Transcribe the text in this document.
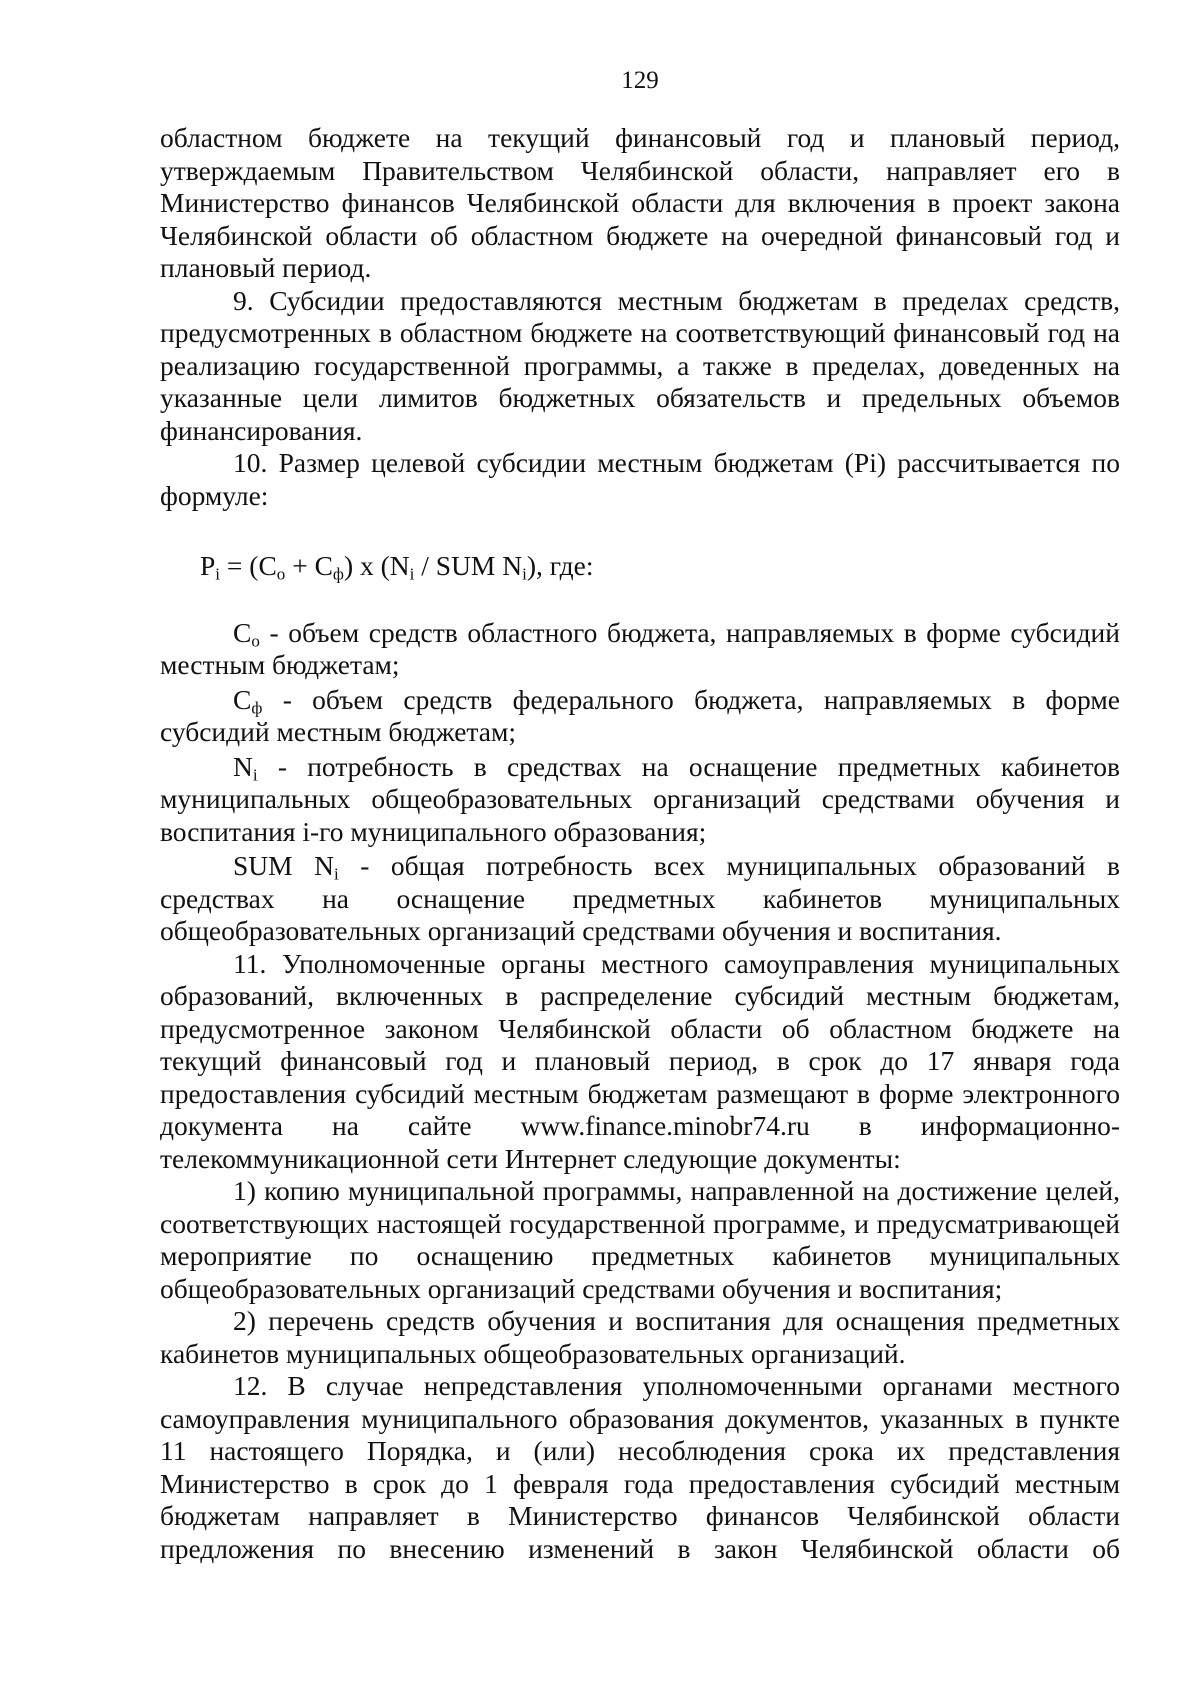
129

областном бюджете на текущий финансовый год и плановый период, утверждаемым Правительством Челябинской области, направляет его в Министерство финансов Челябинской области для включения в проект закона Челябинской области об областном бюджете на очередной финансовый год и плановый период.

9. Субсидии предоставляются местным бюджетам в пределах средств, предусмотренных в областном бюджете на соответствующий финансовый год на реализацию государственной программы, а также в пределах, доведенных на указанные цели лимитов бюджетных обязательств и предельных объемов финансирования.

10. Размер целевой субсидии местным бюджетам (Pi) рассчитывается по формуле:

$P_i = (C_o + C_ф)$ x ($N_i$ / SUM $N_i$), где:

$C_o$ - объем средств областного бюджета, направляемых в форме субсидий местным бюджетам;

$C_ф$ - объем средств федерального бюджета, направляемых в форме субсидий местным бюджетам;

$N_i$ - потребность в средствах на оснащение предметных кабинетов муниципальных общеобразовательных организаций средствами обучения и воспитания i-го муниципального образования;

SUM $N_i$ - общая потребность всех муниципальных образований в средствах на оснащение предметных кабинетов муниципальных общеобразовательных организаций средствами обучения и воспитания.

11. Уполномоченные органы местного самоуправления муниципальных образований, включенных в распределение субсидий местным бюджетам, предусмотренное законом Челябинской области об областном бюджете на текущий финансовый год и плановый период, в срок до 17 января года предоставления субсидий местным бюджетам размещают в форме электронного документа на сайте www.finance.minobr74.ru в информационно-телекоммуникационной сети Интернет следующие документы:

1) копию муниципальной программы, направленной на достижение целей, соответствующих настоящей государственной программе, и предусматривающей мероприятие по оснащению предметных кабинетов муниципальных общеобразовательных организаций средствами обучения и воспитания;

2) перечень средств обучения и воспитания для оснащения предметных кабинетов муниципальных общеобразовательных организаций.

12. В случае непредставления уполномоченными органами местного самоуправления муниципального образования документов, указанных в пункте 11 настоящего Порядка, и (или) несоблюдения срока их представления Министерство в срок до 1 февраля года предоставления субсидий местным бюджетам направляет в Министерство финансов Челябинской области предложения по внесению изменений в закон Челябинской области об
